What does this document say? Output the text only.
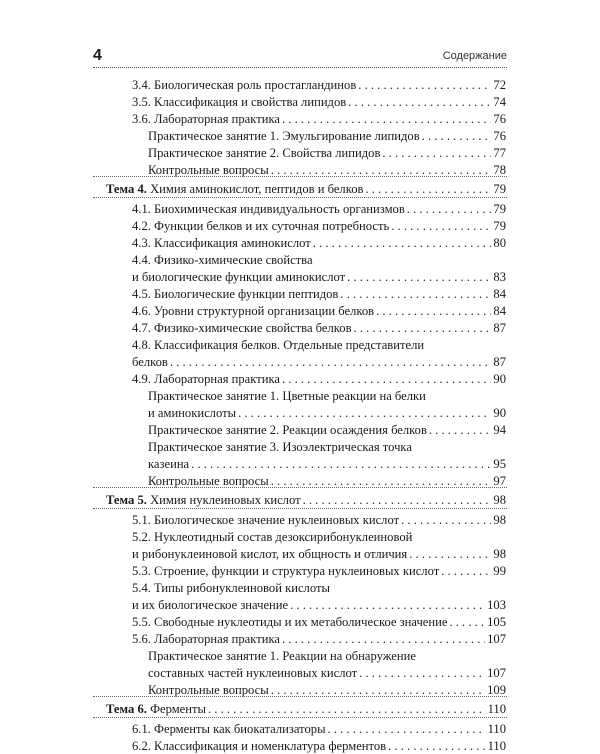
4	Содержание
3.4. Биологическая роль простагландинов . . .	72
3.5. Классификация и свойства липидов . . .	74
3.6. Лабораторная практика . . .	76
Практическое занятие 1. Эмульгирование липидов . . .	76
Практическое занятие 2. Свойства липидов . . .	77
Контрольные вопросы . . .	78
Тема 4.
Химия аминокислот, пептидов и белков . . .	79
4.1. Биохимическая индивидуальность организмов . . .	79
4.2. Функции белков и их суточная потребность . . .	79
4.3. Классификация аминокислот . . .	80
4.4. Физико-химические свойства
и биологические функции аминокислот . . .	83
4.5. Биологические функции пептидов . . .	84
4.6. Уровни структурной организации белков . . .	84
4.7. Физико-химические свойства белков . . .	87
4.8. Классификация белков. Отдельные представители
белков . . .	87
4.9. Лабораторная практика . . .	90
Практическое занятие 1. Цветные реакции на белки
и аминокислоты . . .	90
Практическое занятие 2. Реакции осаждения белков . . .	94
Практическое занятие 3. Изоэлектрическая точка
казеина . . .	95
Контрольные вопросы . . .	97
Тема 5.
Химия нуклеиновых кислот . . .	98
5.1. Биологическое значение нуклеиновых кислот . . .	98
5.2. Нуклеотидный состав дезоксирибонуклеиновой
и рибонуклеиновой кислот, их общность и отличия . . .	98
5.3. Строение, функции и структура нуклеиновых кислот . . .	99
5.4. Типы рибонуклеиновой кислоты
и их биологическое значение . . .	103
5.5. Свободные нуклеотиды и их метаболическое значение . . .	105
5.6. Лабораторная практика . . .	107
Практическое занятие 1. Реакции на обнаружение
составных частей нуклеиновых кислот . . .	107
Контрольные вопросы . . .	109
Тема 6.
Ферменты . . .	110
6.1. Ферменты как биокатализаторы . . .	110
6.2. Классификация и номенклатура ферментов . . .	110
